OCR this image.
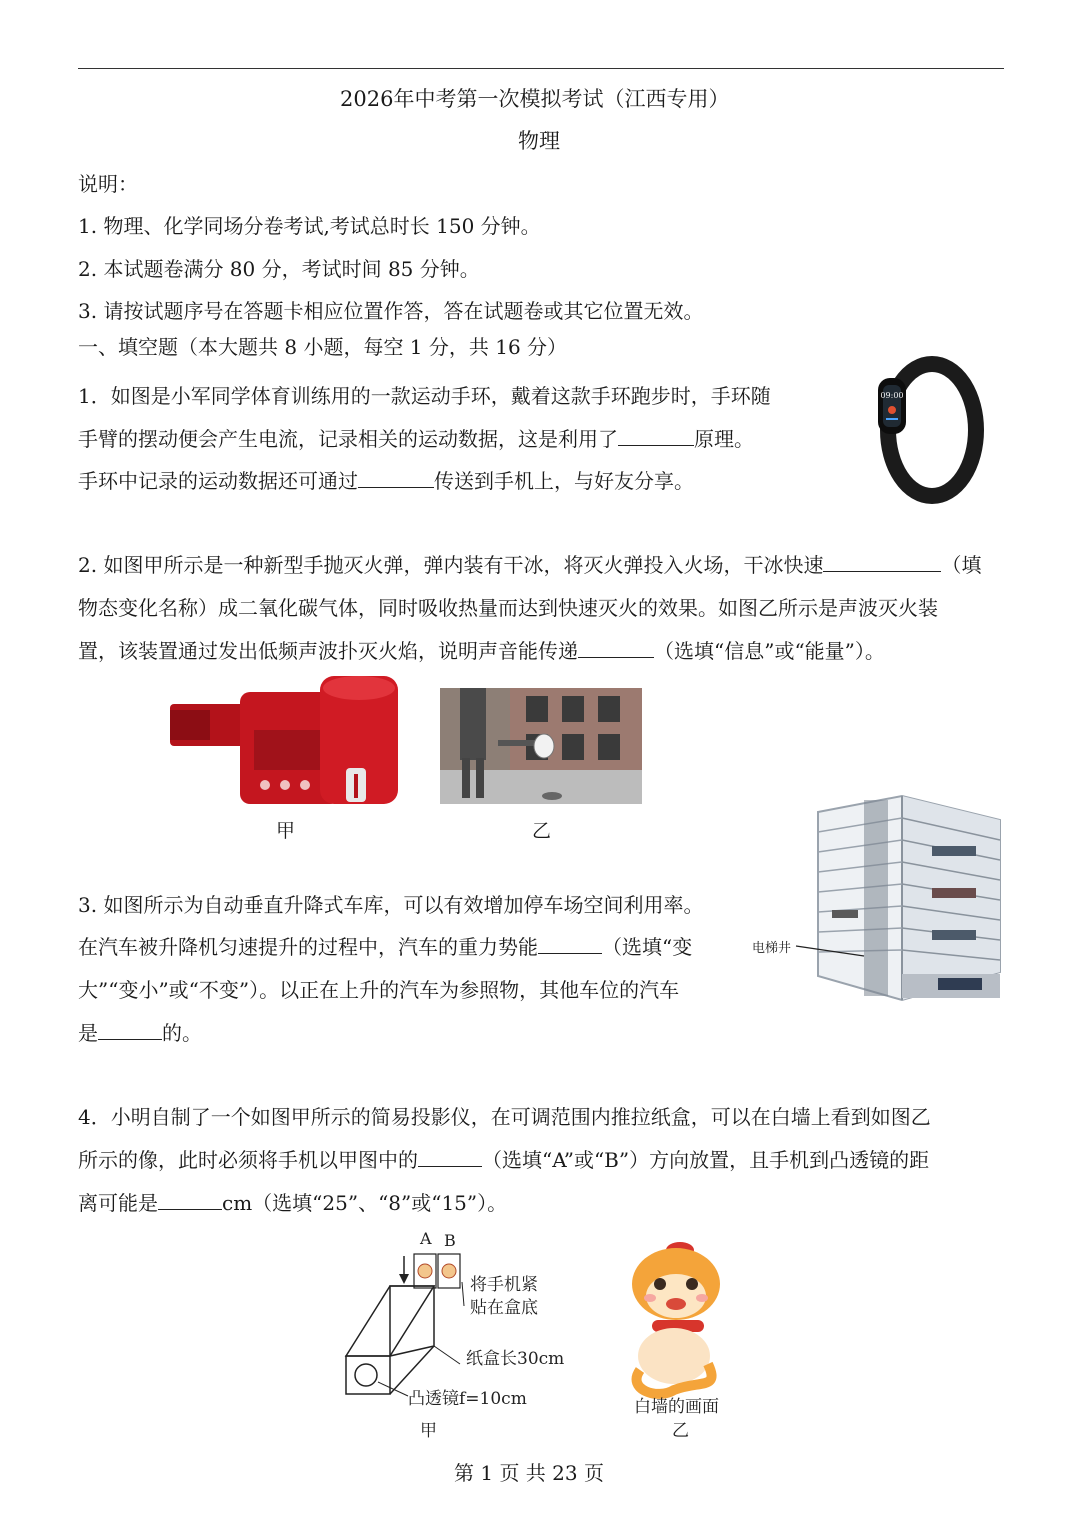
2026年中考第一次模拟考试（江西专用）
物理
说明：
1. 物理、化学同场分卷考试,考试总时长 150 分钟。
2. 本试题卷满分 80 分，考试时间 85 分钟。
3. 请按试题序号在答题卡相应位置作答，答在试题卷或其它位置无效。
一、填空题（本大题共 8 小题，每空 1 分，共 16 分）
1．如图是小军同学体育训练用的一款运动手环，戴着这款手环跑步时，手环随
手臂的摆动便会产生电流，记录相关的运动数据，这是利用了	原理。
手环中记录的运动数据还可通过	传送到手机上，与好友分享。
09:00
2. 如图甲所示是一种新型手抛灭火弹，弹内装有干冰，将灭火弹投入火场，干冰快速	（填
物态变化名称）成二氧化碳气体，同时吸收热量而达到快速灭火的效果。如图乙所示是声波灭火装
置，该装置通过发出低频声波扑灭火焰，说明声音能传递	（选填“信息”或“能量”）。
甲	乙
3. 如图所示为自动垂直升降式车库，可以有效增加停车场空间利用率。
在汽车被升降机匀速提升的过程中，汽车的重力势能	（选填“变
大”“变小”或“不变”）。以正在上升的汽车为参照物，其他车位的汽车
是	的。
电梯井
4．小明自制了一个如图甲所示的简易投影仪，在可调范围内推拉纸盒，可以在白墙上看到如图乙
所示的像，此时必须将手机以甲图中的	（选填“A”或“B”）方向放置，且手机到凸透镜的距
离可能是	cm（选填“25”、“8”或“15”）。
A B
将手机紧
贴在盒底
纸盒长30cm
凸透镜f=10cm
甲
白墙的画面
乙
第 1 页 共 23 页
